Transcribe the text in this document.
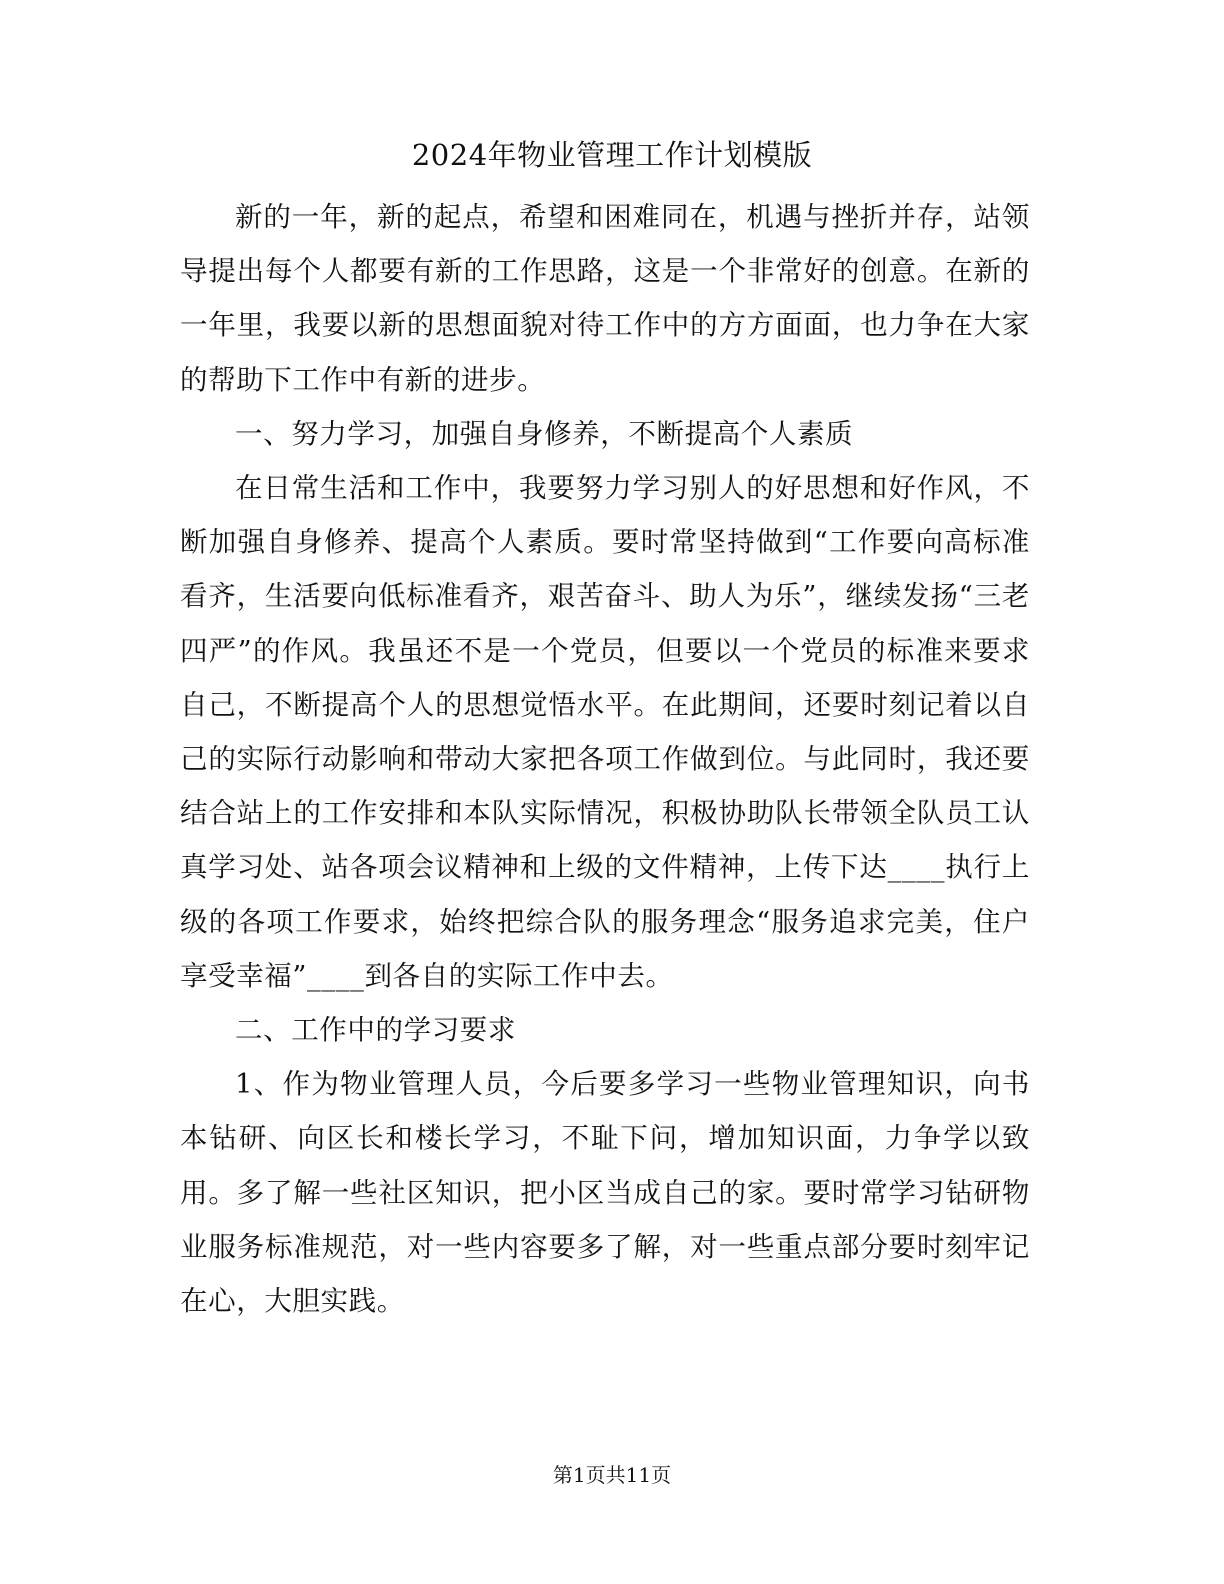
2024年物业管理工作计划模版

新的一年，新的起点，希望和困难同在，机遇与挫折并存，站领导提出每个人都要有新的工作思路，这是一个非常好的创意。在新的一年里，我要以新的思想面貌对待工作中的方方面面，也力争在大家的帮助下工作中有新的进步。

一、努力学习，加强自身修养，不断提高个人素质

在日常生活和工作中，我要努力学习别人的好思想和好作风，不断加强自身修养、提高个人素质。要时常坚持做到“工作要向高标准看齐，生活要向低标准看齐，艰苦奋斗、助人为乐”，继续发扬“三老四严”的作风。我虽还不是一个党员，但要以一个党员的标准来要求自己，不断提高个人的思想觉悟水平。在此期间，还要时刻记着以自己的实际行动影响和带动大家把各项工作做到位。与此同时，我还要结合站上的工作安排和本队实际情况，积极协助队长带领全队员工认真学习处、站各项会议精神和上级的文件精神，上传下达____执行上级的各项工作要求，始终把综合队的服务理念“服务追求完美，住户享受幸福”____到各自的实际工作中去。

二、工作中的学习要求

1、作为物业管理人员，今后要多学习一些物业管理知识，向书本钻研、向区长和楼长学习，不耻下问，增加知识面，力争学以致用。多了解一些社区知识，把小区当成自己的家。要时常学习钻研物业服务标准规范，对一些内容要多了解，对一些重点部分要时刻牢记在心，大胆实践。

第1页共11页
